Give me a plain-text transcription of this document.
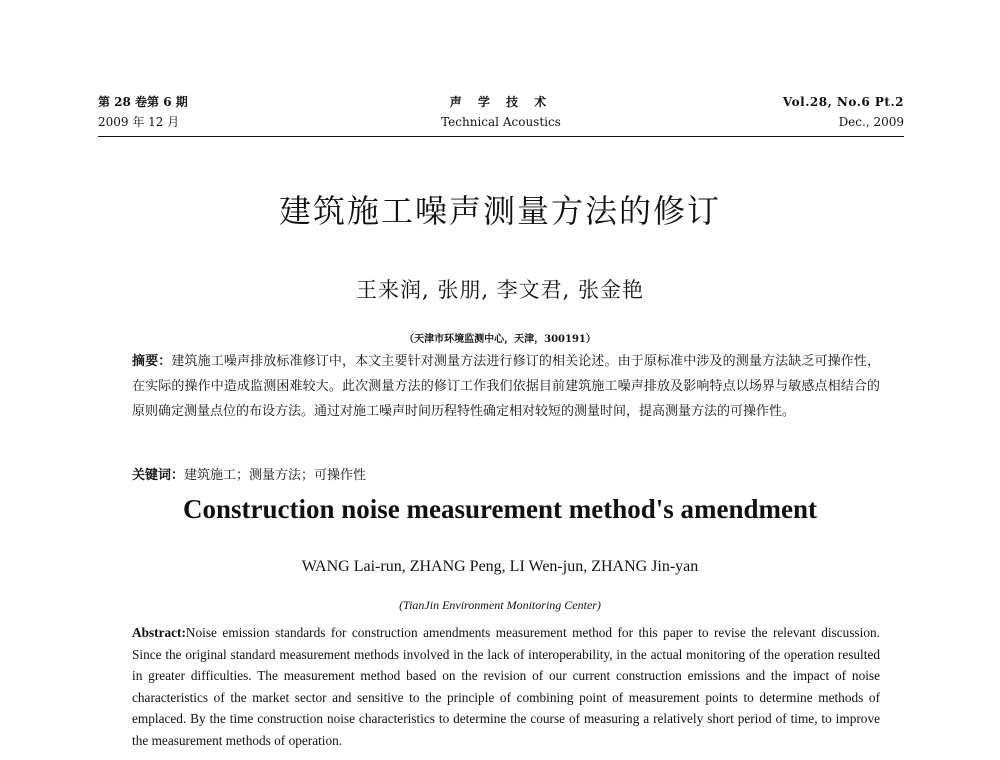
第 28 卷第 6 期
2009 年 12 月
声 学 技 术
Technical Acoustics
Vol.28, No.6 Pt.2
Dec., 2009
建筑施工噪声测量方法的修订
王来润, 张朋, 李文君, 张金艳
（天津市环境监测中心，天津，300191）
摘要：建筑施工噪声排放标准修订中，本文主要针对测量方法进行修订的相关论述。由于原标准中涉及的测量方法缺乏可操作性，在实际的操作中造成监测困难较大。此次测量方法的修订工作我们依据目前建筑施工噪声排放及影响特点以场界与敏感点相结合的原则确定测量点位的布设方法。通过对施工噪声时间历程特性确定相对较短的测量时间，提高测量方法的可操作性。
关键词：建筑施工；测量方法；可操作性
Construction noise measurement method's amendment
WANG Lai-run, ZHANG Peng, LI Wen-jun, ZHANG Jin-yan
(TianJin Environment Monitoring Center)
Abstract:Noise emission standards for construction amendments measurement method for this paper to revise the relevant discussion. Since the original standard measurement methods involved in the lack of interoperability, in the actual monitoring of the operation resulted in greater difficulties. The measurement method based on the revision of our current construction emissions and the impact of noise characteristics of the market sector and sensitive to the principle of combining point of measurement points to determine methods of emplaced. By the time construction noise characteristics to determine the course of measuring a relatively short period of time, to improve the measurement methods of operation.
